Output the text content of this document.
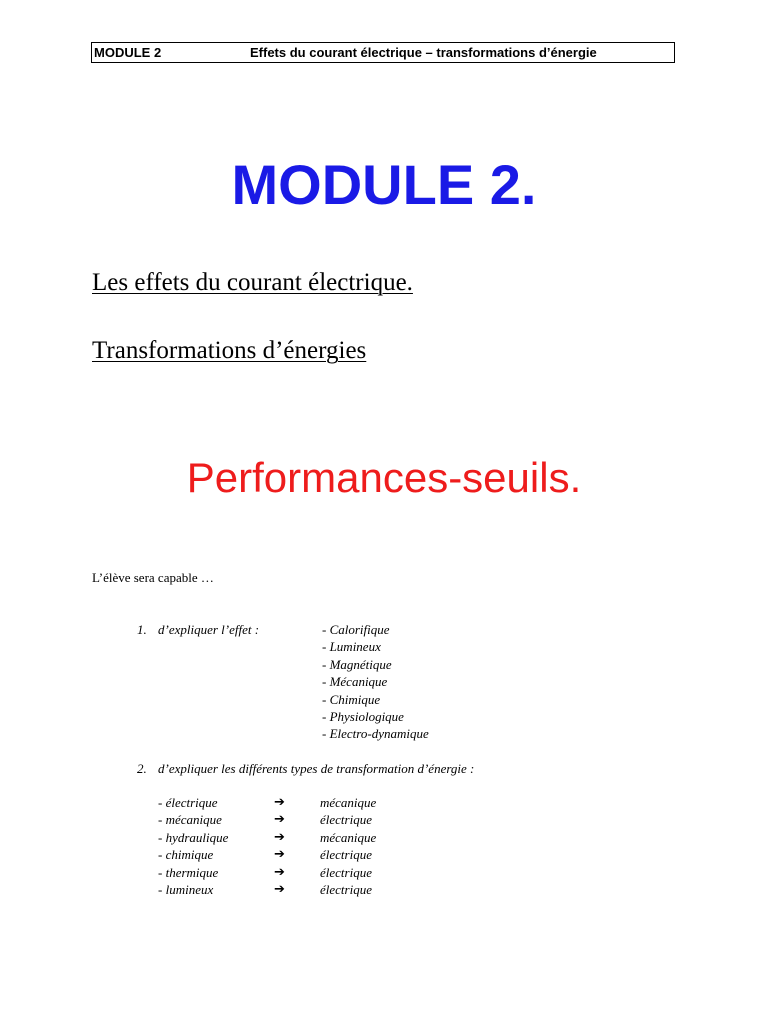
MODULE 2	Effets du courant électrique – transformations d’énergie
MODULE 2.
Les effets du courant électrique.
Transformations d’énergies
Performances-seuils.
L’élève sera capable …
1. d’expliquer l’effet :	- Calorifique
- Lumineux
- Magnétique
- Mécanique
- Chimique
- Physiologique
- Electro-dynamique
2. d’expliquer les différents types de transformation d’énergie :
- électrique	➔	mécanique
- mécanique	➔	électrique
- hydraulique	➔	mécanique
- chimique	➔	électrique
- thermique	➔	électrique
- lumineux	➔	électrique
